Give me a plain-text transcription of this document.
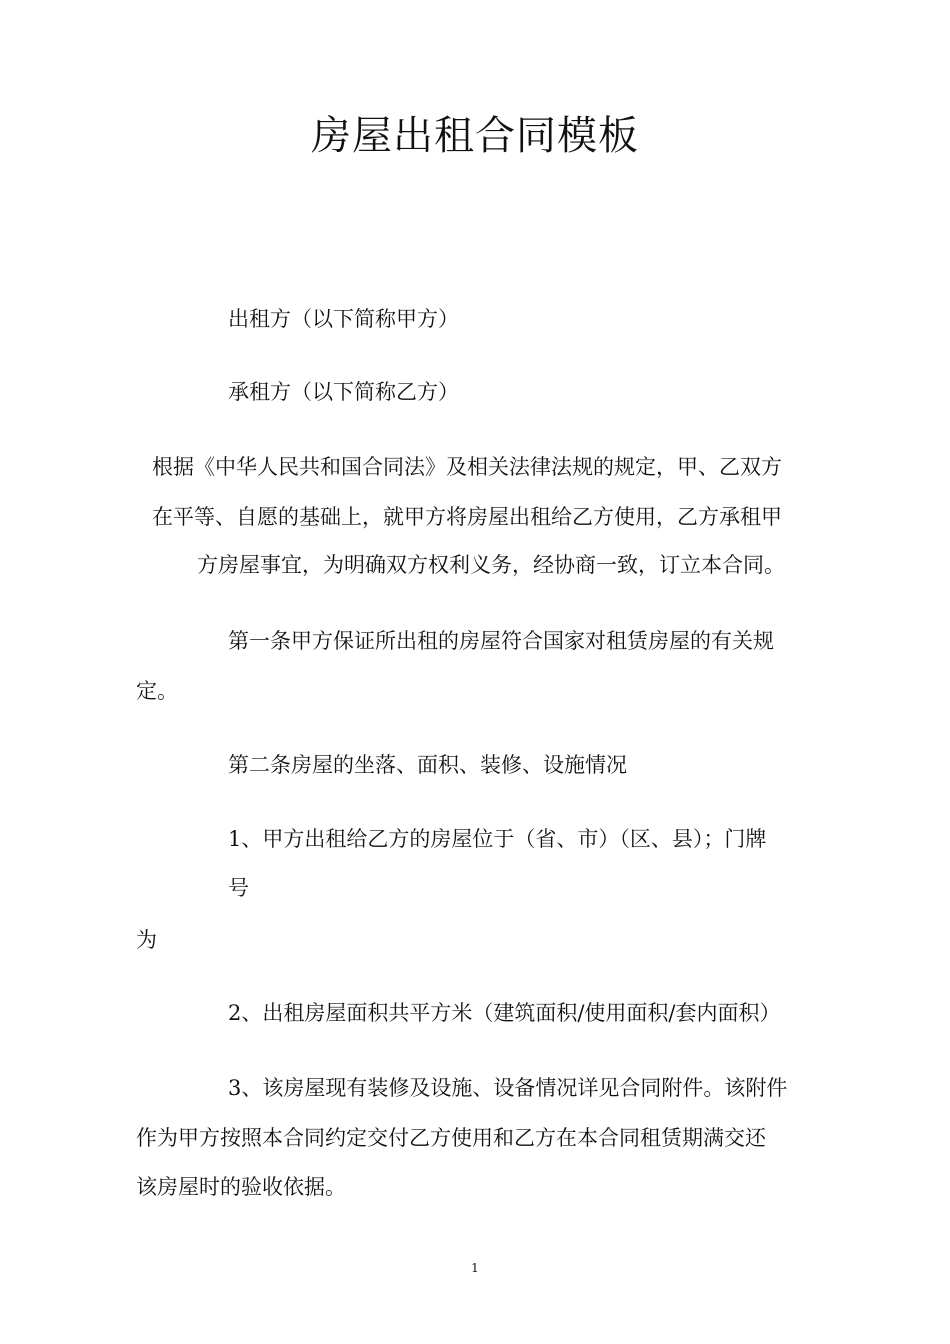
房屋出租合同模板
出租方（以下简称甲方）
承租方（以下简称乙方）
根据《中华人民共和国合同法》及相关法律法规的规定，甲、乙双方
在平等、自愿的基础上，就甲方将房屋出租给乙方使用，乙方承租甲
方房屋事宜，为明确双方权利义务，经协商一致，订立本合同。
第一条甲方保证所出租的房屋符合国家对租赁房屋的有关规
定。
第二条房屋的坐落、面积、装修、设施情况
1、甲方出租给乙方的房屋位于（省、市）（区、县）；门牌
号
为
2、出租房屋面积共平方米（建筑面积/使用面积/套内面积）
3、该房屋现有装修及设施、设备情况详见合同附件。该附件
作为甲方按照本合同约定交付乙方使用和乙方在本合同租赁期满交还
该房屋时的验收依据。
1
